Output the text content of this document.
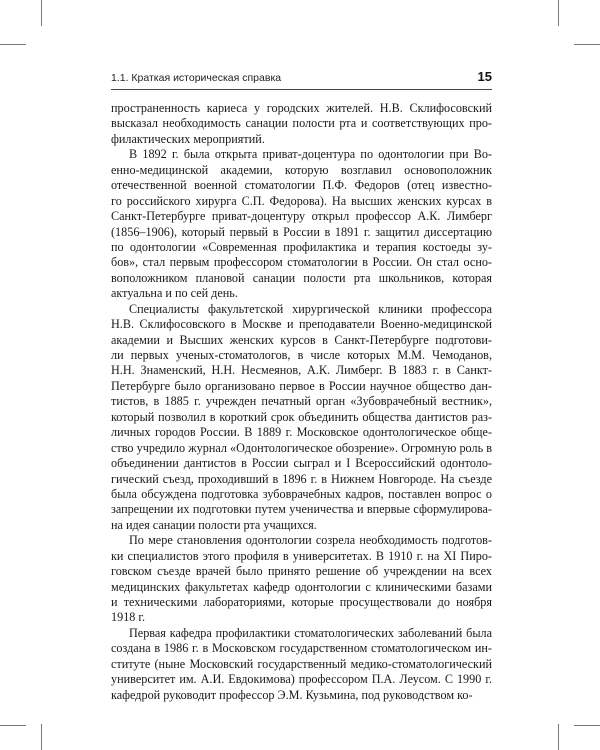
1.1. Краткая историческая справка	15
пространенность кариеса у городских жителей. Н.В. Склифосовский
высказал необходимость санации полости рта и соответствующих про-
филактических мероприятий.
В 1892 г. была открыта приват-доцентура по одонтологии при Во-
енно-медицинской академии, которую возглавил основоположник
отечественной военной стоматологии П.Ф. Федоров (отец известно-
го российского хирурга С.П. Федорова). На высших женских курсах в
Санкт-Петербурге приват-доцентуру открыл профессор А.К. Лимберг
(1856–1906), который первый в России в 1891 г. защитил диссертацию
по одонтологии «Современная профилактика и терапия костоеды зу-
бов», стал первым профессором стоматологии в России. Он стал осно-
воположником плановой санации полости рта школьников, которая
актуальна и по сей день.
Специалисты факультетской хирургической клиники профессора
Н.В. Склифосовского в Москве и преподаватели Военно-медицинской
академии и Высших женских курсов в Санкт-Петербурге подготови-
ли первых ученых-стоматологов, в числе которых М.М. Чемоданов,
Н.Н. Знаменский, Н.Н. Несмеянов, А.К. Лимберг. В 1883 г. в Санкт-
Петербурге было организовано первое в России научное общество дан-
тистов, в 1885 г. учрежден печатный орган «Зубоврачебный вестник»,
который позволил в короткий срок объединить общества дантистов раз-
личных городов России. В 1889 г. Московское одонтологическое обще-
ство учредило журнал «Одонтологическое обозрение». Огромную роль в
объединении дантистов в России сыграл и I Всероссийский одонтоло-
гический съезд, проходивший в 1896 г. в Нижнем Новгороде. На съезде
была обсуждена подготовка зубоврачебных кадров, поставлен вопрос о
запрещении их подготовки путем ученичества и впервые сформулирова-
на идея санации полости рта учащихся.
По мере становления одонтологии созрела необходимость подготов-
ки специалистов этого профиля в университетах. В 1910 г. на XI Пиро-
говском съезде врачей было принято решение об учреждении на всех
медицинских факультетах кафедр одонтологии с клиническими базами
и техническими лабораториями, которые просуществовали до ноября
1918 г.
Первая кафедра профилактики стоматологических заболеваний была
создана в 1986 г. в Московском государственном стоматологическом ин-
ституте (ныне Московский государственный медико-стоматологический
университет им. А.И. Евдокимова) профессором П.А. Леусом. С 1990 г.
кафедрой руководит профессор Э.М. Кузьмина, под руководством ко-
